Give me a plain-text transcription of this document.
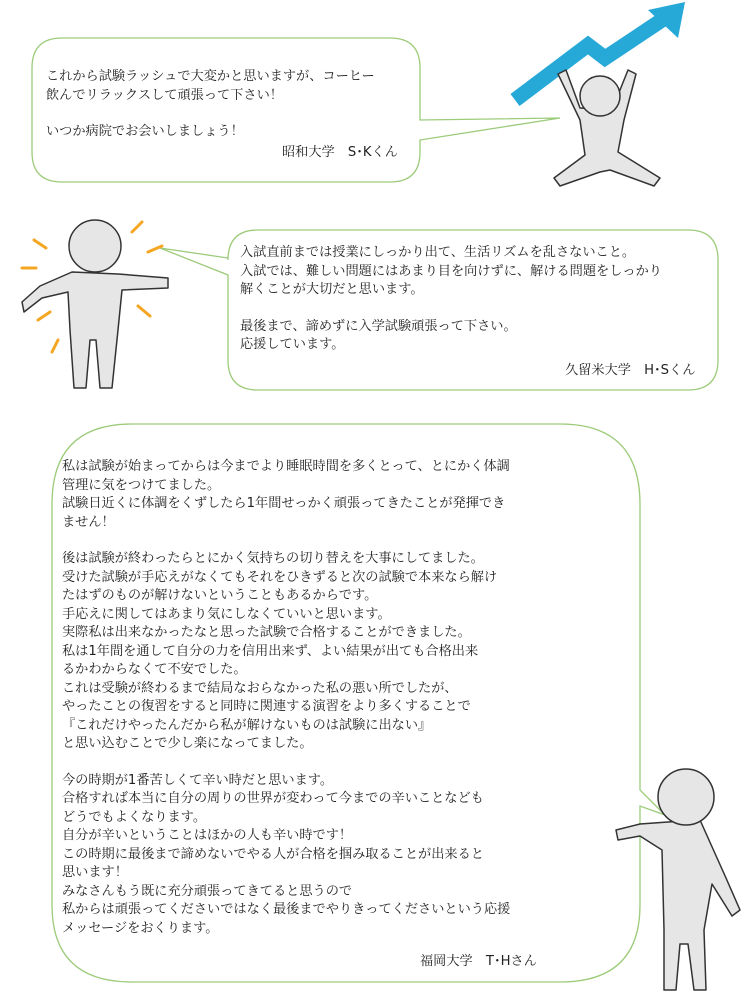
これから試験ラッシュで大変かと思いますが、コーヒー
飲んでリラックスして頑張って下さい！

いつか病院でお会いしましょう！

昭和大学　S･Kくん

入試直前までは授業にしっかり出て、生活リズムを乱さないこと。
入試では、難しい問題にはあまり目を向けずに、解ける問題をしっかり
解くことが大切だと思います。

最後まで、諦めずに入学試験頑張って下さい。
応援しています。

久留米大学　H･Sくん

私は試験が始まってからは今までより睡眠時間を多くとって、とにかく体調
管理に気をつけてました。
試験日近くに体調をくずしたら1年間せっかく頑張ってきたことが発揮でき
ません！

後は試験が終わったらとにかく気持ちの切り替えを大事にしてました。
受けた試験が手応えがなくてもそれをひきずると次の試験で本来なら解け
たはずのものが解けないということもあるからです。
手応えに関してはあまり気にしなくていいと思います。
実際私は出来なかったなと思った試験で合格することができました。
私は1年間を通して自分の力を信用出来ず、よい結果が出ても合格出来
るかわからなくて不安でした。
これは受験が終わるまで結局なおらなかった私の悪い所でしたが、
やったことの復習をすると同時に関連する演習をより多くすることで
『これだけやったんだから私が解けないものは試験に出ない』
と思い込むことで少し楽になってました。

今の時期が1番苦しくて辛い時だと思います。
合格すれば本当に自分の周りの世界が変わって今までの辛いことなども
どうでもよくなります。
自分が辛いということはほかの人も辛い時です！
この時期に最後まで諦めないでやる人が合格を掴み取ることが出来ると
思います！
みなさんもう既に充分頑張ってきてると思うので
私からは頑張ってくださいではなく最後までやりきってくださいという応援
メッセージをおくります。

福岡大学　T･Hさん
